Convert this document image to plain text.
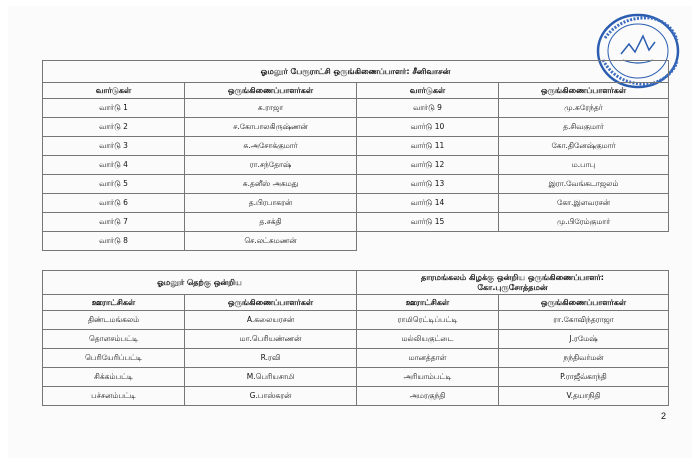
ஓமலூர் பேரூராட்சி ஒருங்கிணைப்பாளர்: சீனிவாசன்			
வார்டுகள்	ஒருங்கிணைப்பாளர்கள்	வார்டுகள்	ஒருங்கிணைப்பாளர்கள்
வார்டு 1	சு.ராஜா	வார்டு 9	மு.சுரேந்தர்
வார்டு 2	ச.கோபாலகிருஷ்ணன்	வார்டு 10	த.சிவகுமார்
வார்டு 3	சு.அசோக்குமார்	வார்டு 11	கோ.தினேஷ்குமார்
வார்டு 4	ரா.சந்தோஷ்	வார்டு 12	ம.பாபு
வார்டு 5	சு.தனீஸ் அகமது	வார்டு 13	இரா.வேங்கடாஜலம்
வார்டு 6	த.பிரபாகரன்	வார்டு 14	கோ.இளவரசன்
வார்டு 7	த.சக்தி	வார்டு 15	மு.பிரேம்குமார்
வார்டு 8	செ.லட்சுமணன்		
ஓமலூர் தெற்கு ஒன்றிய		தாரமங்கலம் கிழக்கு ஒன்றிய ஒருங்கிணைப்பாளர்:
கோ.புருசோத்தமன்	

ஊராட்சிகள்	ஒருங்கிணைப்பாளர்கள்	ஊராட்சிகள்	ஒருங்கிணைப்பாளர்கள்
திண்டமங்கலம்	A.கலையரசன்	ராமிரெட்டிப்பட்டி	ரா.கோவிந்தராஜா
தொளசம்பட்டி	மா.பெரியண்ணன்	மல்லியகுட்டை	J.ரமேஷ்
பெரியேரிப்பட்டி	R.ரவி	மானத்தாள்	நந்திவர்மன்
சிக்கம்பட்டி	M.பெரியசாமி	அரியாம்பட்டி	P.ராஜீவ்காந்தி
பச்சனம்பட்டி	G.பாஸ்கரன்	அமரகுந்தி	V.தயாநிதி
2
